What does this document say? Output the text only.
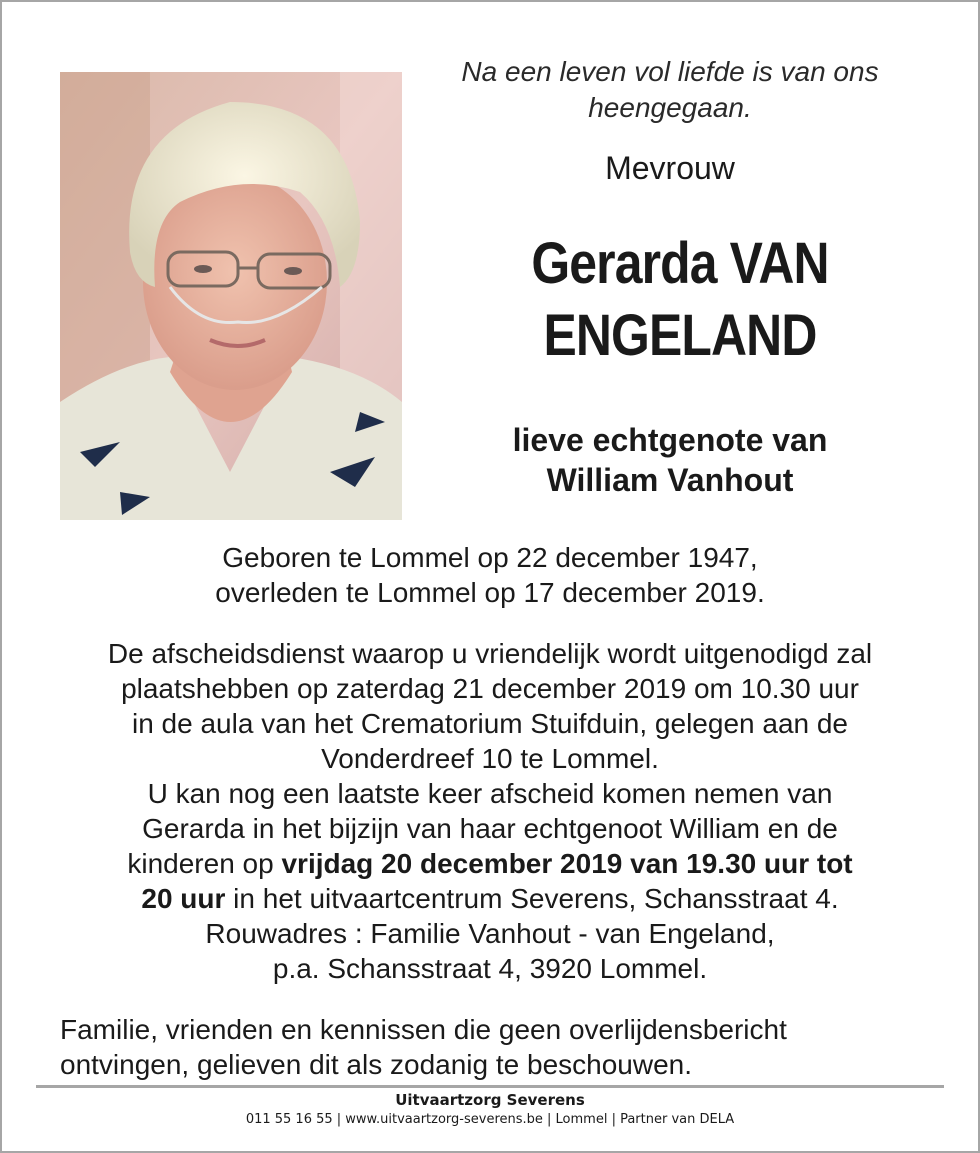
Na een leven vol liefde is van ons heengegaan.
Mevrouw
Gerarda VAN
ENGELAND
lieve echtgenote van
William Vanhout
Geboren te Lommel op 22 december 1947,
overleden te Lommel op 17 december 2019.
De afscheidsdienst waarop u vriendelijk wordt uitgenodigd zal
plaatshebben op zaterdag 21 december 2019 om 10.30 uur
in de aula van het Crematorium Stuifduin, gelegen aan de
Vonderdreef 10 te Lommel.
U kan nog een laatste keer afscheid komen nemen van
Gerarda in het bijzijn van haar echtgenoot William en de
kinderen op vrijdag 20 december 2019 van 19.30 uur tot
20 uur in het uitvaartcentrum Severens, Schansstraat 4.
Rouwadres : Familie Vanhout - van Engeland,
p.a. Schansstraat 4, 3920 Lommel.
Familie, vrienden en kennissen die geen overlijdensbericht
ontvingen, gelieven dit als zodanig te beschouwen.
Uitvaartzorg Severens
011 55 16 55 | www.uitvaartzorg-severens.be | Lommel | Partner van DELA
